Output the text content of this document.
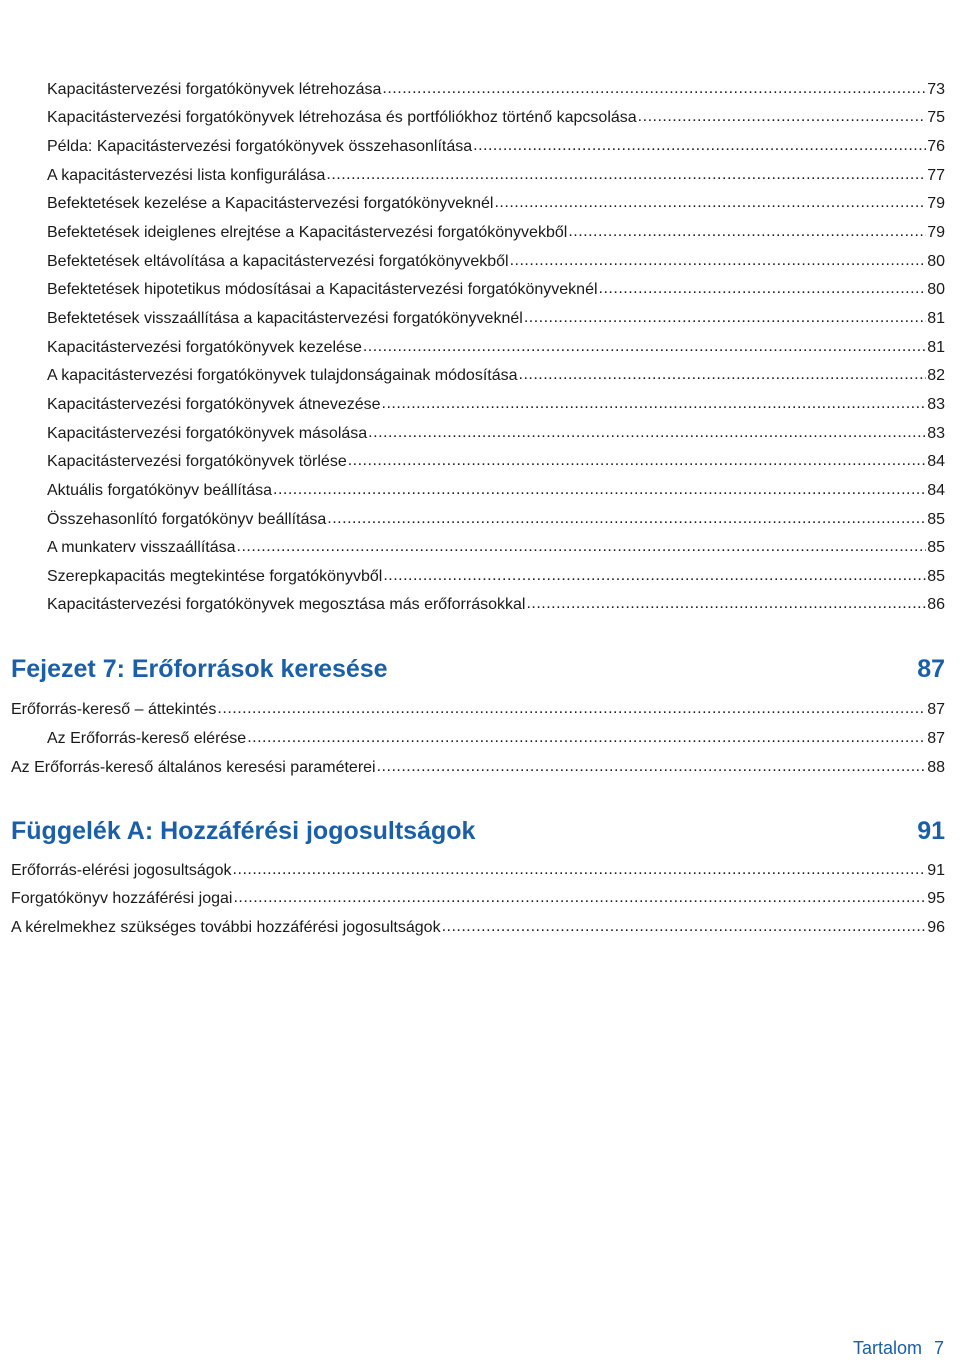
Kapacitástervezési forgatókönyvek létrehozása .....	73
Kapacitástervezési forgatókönyvek létrehozása és portfóliókhoz történő kapcsolása .....	75
Példa: Kapacitástervezési forgatókönyvek összehasonlítása .....	76
A kapacitástervezési lista konfigurálása .....	77
Befektetések kezelése a Kapacitástervezési forgatókönyveknél .....	79
Befektetések ideiglenes elrejtése a Kapacitástervezési forgatókönyvekből .....	79
Befektetések eltávolítása a kapacitástervezési forgatókönyvekből .....	80
Befektetések hipotetikus módosításai a Kapacitástervezési forgatókönyveknél .....	80
Befektetések visszaállítása a kapacitástervezési forgatókönyveknél .....	81
Kapacitástervezési forgatókönyvek kezelése .....	81
A kapacitástervezési forgatókönyvek tulajdonságainak módosítása .....	82
Kapacitástervezési forgatókönyvek átnevezése .....	83
Kapacitástervezési forgatókönyvek másolása .....	83
Kapacitástervezési forgatókönyvek törlése .....	84
Aktuális forgatókönyv beállítása .....	84
Összehasonlító forgatókönyv beállítása .....	85
A munkaterv visszaállítása .....	85
Szerepkapacitás megtekintése forgatókönyvből .....	85
Kapacitástervezési forgatókönyvek megosztása más erőforrásokkal .....	86
Fejezet 7: Erőforrások keresése	87
Erőforrás-kereső – áttekintés .....	87
Az Erőforrás-kereső elérése .....	87
Az Erőforrás-kereső általános keresési paraméterei .....	88
Függelék A: Hozzáférési jogosultságok	91
Erőforrás-elérési jogosultságok .....	91
Forgatókönyv hozzáférési jogai .....	95
A kérelmekhez szükséges további hozzáférési jogosultságok .....	96
Tartalom 7
